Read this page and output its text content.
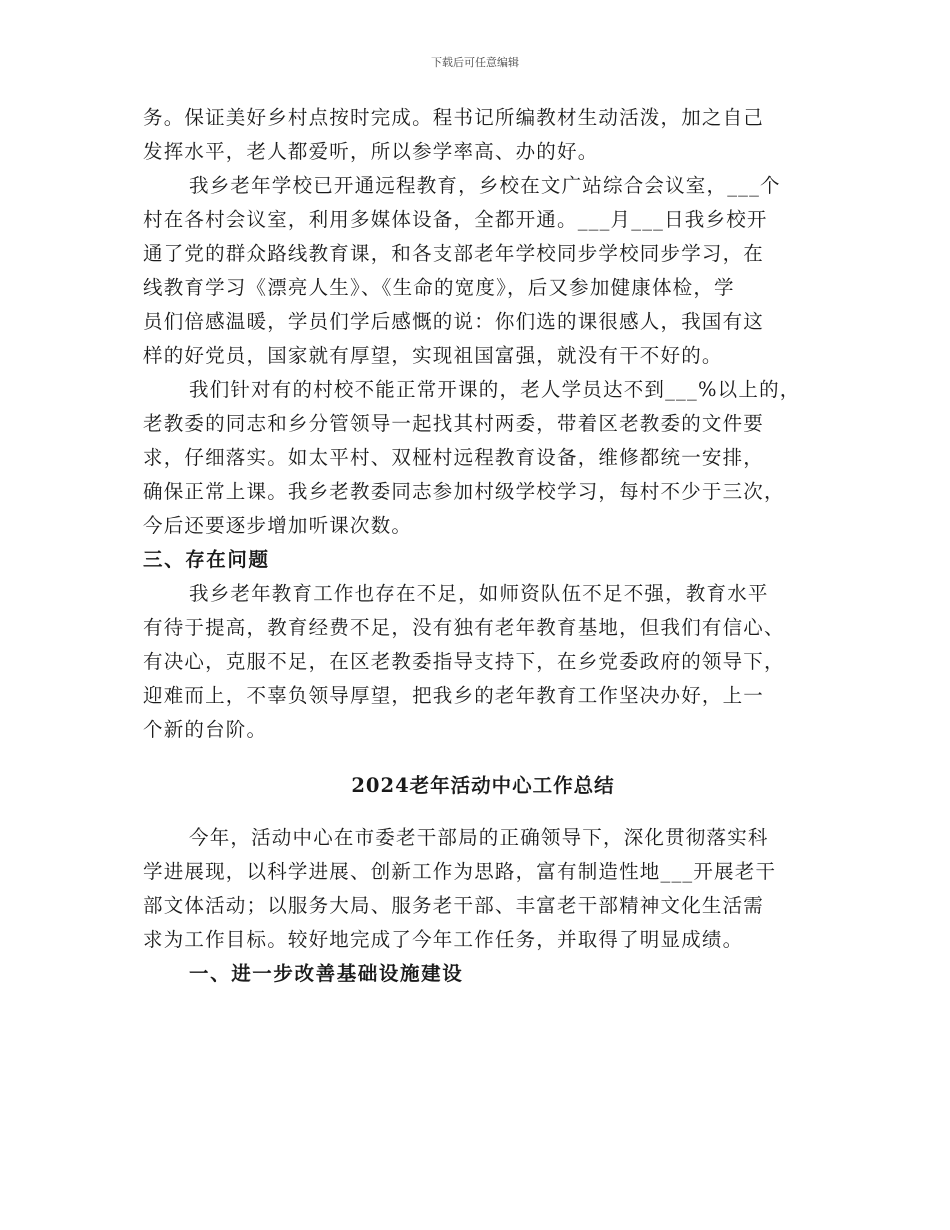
下载后可任意编辑
务。保证美好乡村点按时完成。程书记所编教材生动活泼，加之自己
发挥水平，老人都爱听，所以参学率高、办的好。
我乡老年学校已开通远程教育，乡校在文广站综合会议室，___个
村在各村会议室，利用多媒体设备，全都开通。___月___日我乡校开
通了党的群众路线教育课，和各支部老年学校同步学校同步学习，在
线教育学习《漂亮人生》、《生命的宽度》，后又参加健康体检，学
员们倍感温暖，学员们学后感慨的说：你们选的课很感人，我国有这
样的好党员，国家就有厚望，实现祖国富强，就没有干不好的。
我们针对有的村校不能正常开课的，老人学员达不到___%以上的，
老教委的同志和乡分管领导一起找其村两委，带着区老教委的文件要
求，仔细落实。如太平村、双桠村远程教育设备，维修都统一安排，
确保正常上课。我乡老教委同志参加村级学校学习，每村不少于三次，
今后还要逐步增加听课次数。
三、存在问题
我乡老年教育工作也存在不足，如师资队伍不足不强，教育水平
有待于提高，教育经费不足，没有独有老年教育基地，但我们有信心、
有决心，克服不足，在区老教委指导支持下，在乡党委政府的领导下，
迎难而上，不辜负领导厚望，把我乡的老年教育工作坚决办好，上一
个新的台阶。
2024老年活动中心工作总结
今年，活动中心在市委老干部局的正确领导下，深化贯彻落实科
学进展现，以科学进展、创新工作为思路，富有制造性地___开展老干
部文体活动；以服务大局、服务老干部、丰富老干部精神文化生活需
求为工作目标。较好地完成了今年工作任务，并取得了明显成绩。
一、进一步改善基础设施建设
